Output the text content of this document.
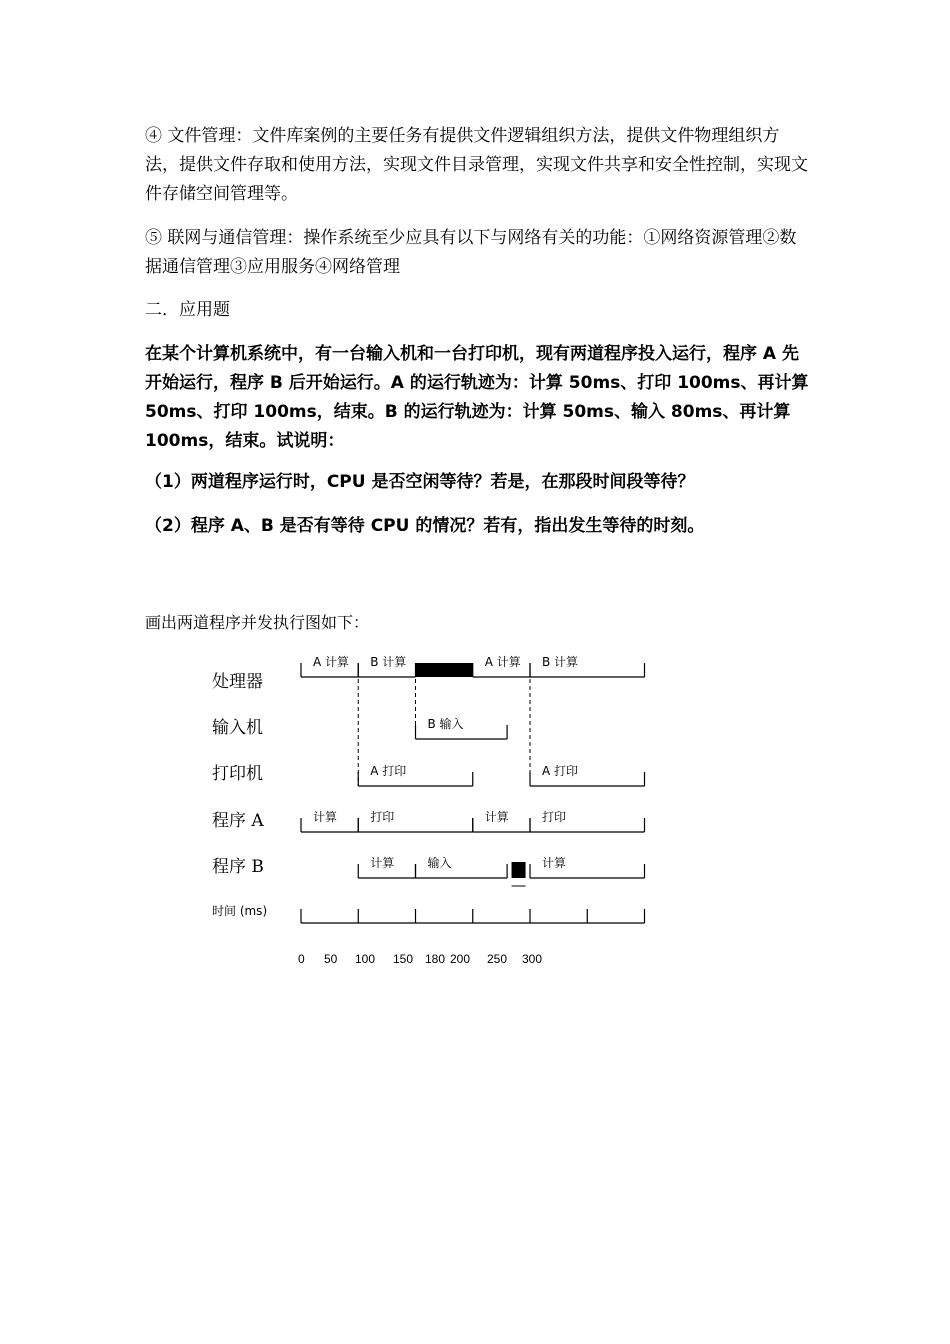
④ 文件管理：文件库案例的主要任务有提供文件逻辑组织方法，提供文件物理组织方法，提供文件存取和使用方法，实现文件目录管理，实现文件共享和安全性控制，实现文件存储空间管理等。

⑤ 联网与通信管理：操作系统至少应具有以下与网络有关的功能：①网络资源管理②数据通信管理③应用服务④网络管理

二．应用题

在某个计算机系统中，有一台输入机和一台打印机，现有两道程序投入运行，程序 A 先开始运行，程序 B 后开始运行。A 的运行轨迹为：计算 50ms、打印 100ms、再计算 50ms、打印 100ms，结束。B 的运行轨迹为：计算 50ms、输入 80ms、再计算 100ms，结束。试说明：

（1）两道程序运行时，CPU 是否空闲等待？若是，在那段时间段等待？

（2）程序 A、B 是否有等待 CPU 的情况？若有，指出发生等待的时刻。

画出两道程序并发执行图如下：

处理器
输入机
打印机
程序 A
程序 B
时间 (ms)
A 计算 B 计算	A 计算 B 计算
B 输入
A 打印	A 打印
计算	打印	计算	打印
计算	输入	计算
0 50 100 150 180 200 250 300
